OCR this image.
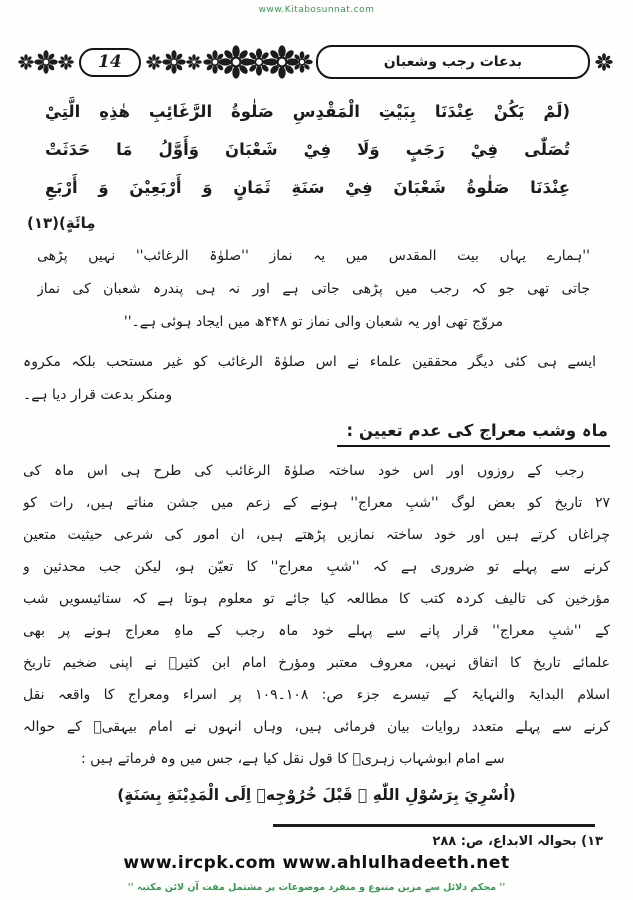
www.Kitabosunnat.com
14	بدعات رجب وشعبان
(لَمْ يَكُنْ عِنْدَنَا بِبَيْتِ الْمَقْدِسِ صَلٰوةُ الرَّغَائِبِ هٰذِهِ الَّتِيْ
تُصَلّٰى فِيْ رَجَبٍ وَلَا فِيْ شَعْبَانَ وَأَوَّلُ مَا حَدَثَتْ
عِنْدَنَا صَلٰوةُ شَعْبَانَ فِيْ سَنَةِ ثَمَانٍ وَ أَرْبَعِيْنَ وَ أَرْبَعِ
مِائَةٍ)(۱۳)
''ہمارے یہاں بیت المقدس میں یہ نماز ''صلوٰۃ الرغائب'' نہیں پڑھی
جاتی تھی جو کہ رجب میں پڑھی جاتی ہے اور نہ ہی پندرہ شعبان کی نماز
مروّج تھی اور یہ شعبان والی نماز تو ۴۴۸ھ میں ایجاد ہوئی ہے۔''
ایسے ہی کئی دیگر محققین علماء نے اس صلوٰۃ الرغائب کو غیر مستحب بلکہ مکروہ
ومنکر بدعت قرار دیا ہے۔
ماہ وشب معراج کی عدم تعیین :
رجب کے روزوں اور اس خود ساختہ صلوٰۃ الرغائب کی طرح ہی اس ماہ کی
۲۷ تاریخ کو بعض لوگ ''شبِ معراج'' ہونے کے زعم میں جشن مناتے ہیں، رات کو
چراغاں کرتے ہیں اور خود ساختہ نمازیں پڑھتے ہیں، ان امور کی شرعی حیثیت متعین
کرنے سے پہلے تو ضروری ہے کہ ''شبِ معراج'' کا تعیّن ہو، لیکن جب محدثین و
مؤرخین کی تالیف کردہ کتب کا مطالعہ کیا جائے تو معلوم ہوتا ہے کہ ستائیسویں شب
کے ''شبِ معراج'' قرار پانے سے پہلے خود ماہ رجب کے ماہِ معراج ہونے پر بھی
علمائے تاریخ کا اتفاق نہیں، معروف معتبر ومؤرخ امام ابن کثیرؒ نے اپنی ضخیم تاریخ
اسلام البدایۃ والنہایۃ کے تیسرے جزء ص: ۱۰۸۔۱۰۹ پر اسراء ومعراج کا واقعہ نقل
کرنے سے پہلے متعدد روایات بیان فرمائی ہیں، وہاں انہوں نے امام بیہقیؒ کے حوالہ
سے امام ابوشہاب زہریؒ کا قول نقل کیا ہے، جس میں وہ فرماتے ہیں :
(اُسْرِيَ بِرَسُوْلِ اللّٰهِ ﷺ قَبْلَ خُرُوْجِهٖ اِلَى الْمَدِيْنَةِ بِسَنَةٍ)
۱۳) بحوالہ الابداع، ص: ۲۸۸
www.ircpk.com www.ahlulhadeeth.net
'' محکم دلائل سے مزین متنوع و منفرد موضوعات پر مشتمل مفت آن لائن مکتبہ ''
